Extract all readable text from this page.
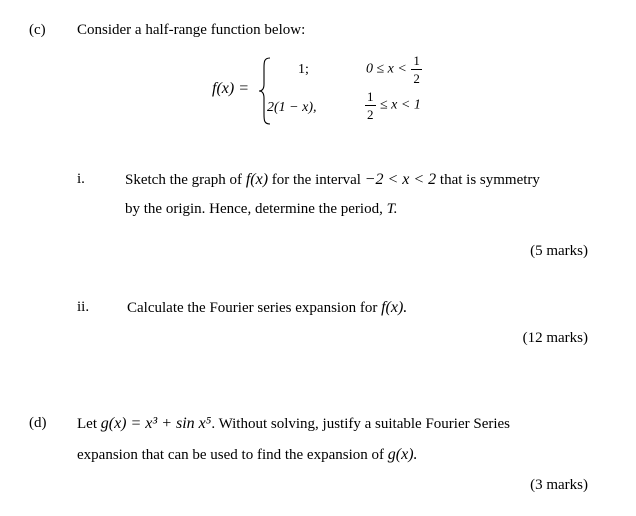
(c) Consider a half-range function below:
f(x) =
1;	$0 \le x < \frac{1}{2}$
2(1 − x),	$\frac{1}{2} \le x < 1$
i.	Sketch the graph of f(x) for the interval −2 < x < 2 that is symmetry
by the origin. Hence, determine the period, T.
(5 marks)
ii.	Calculate the Fourier series expansion for f(x).
(12 marks)
(d) Let g(x) = x³ + sin x⁵. Without solving, justify a suitable Fourier Series
expansion that can be used to find the expansion of g(x).
(3 marks)
